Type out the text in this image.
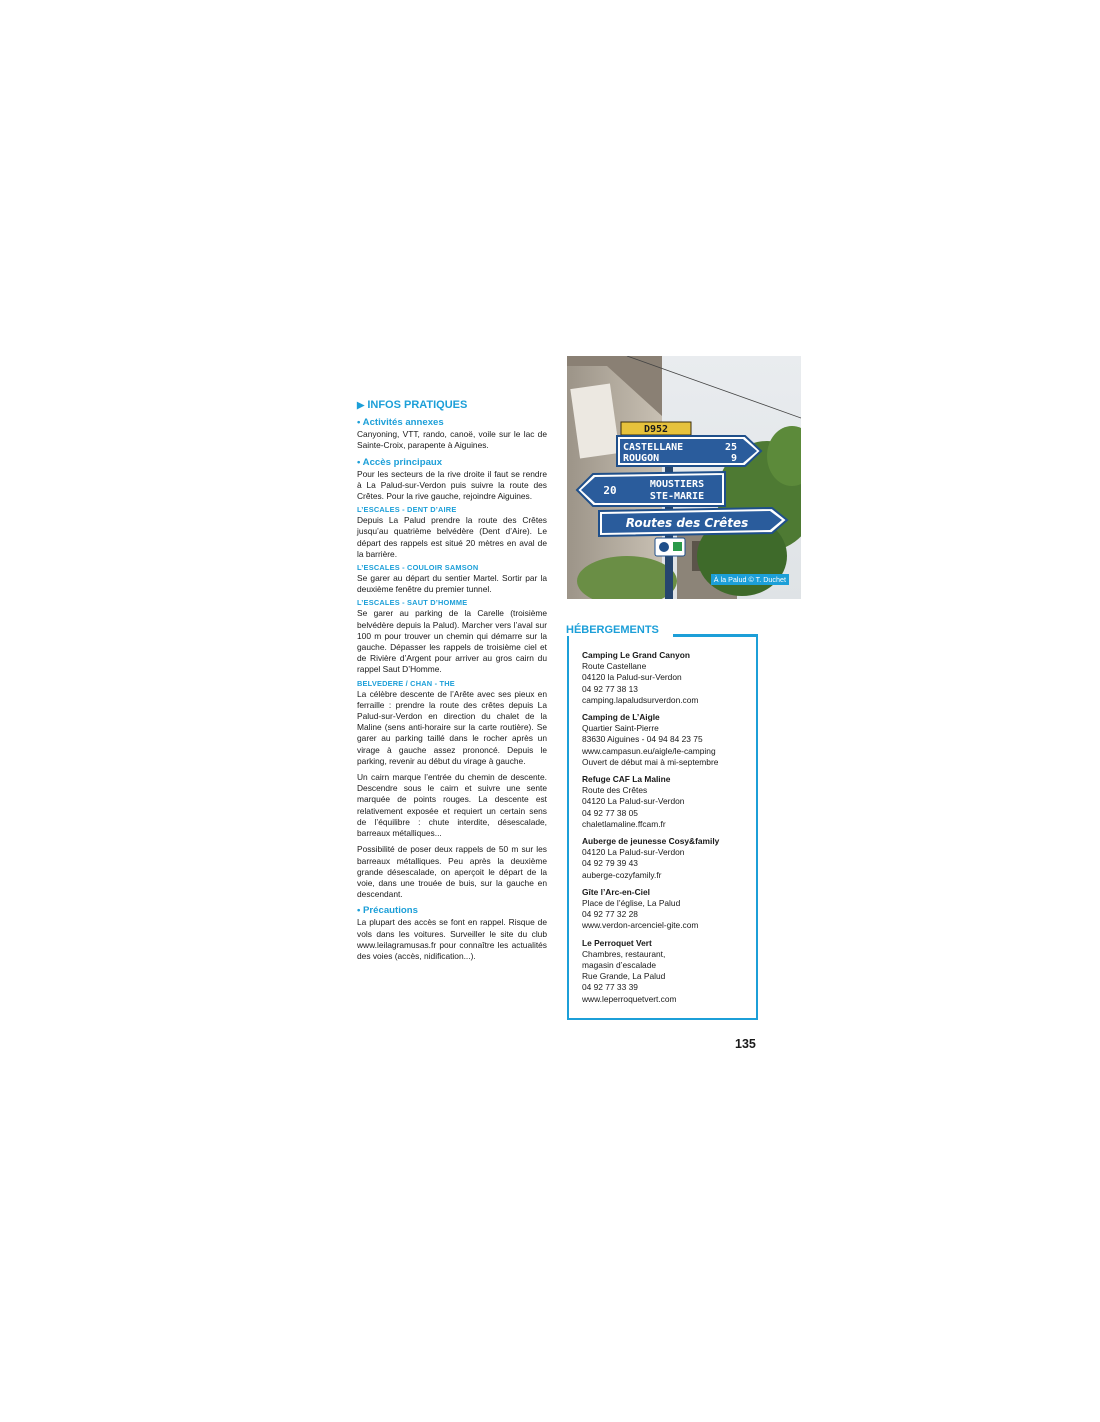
▶ INFOS PRATIQUES
• Activités annexes

Canyoning, VTT, rando, canoë, voile sur le lac de Sainte-Croix, parapente à Aiguines.

• Accès principaux

Pour les secteurs de la rive droite il faut se rendre à La Palud-sur-Verdon puis suivre la route des Crêtes. Pour la rive gauche, rejoindre Aiguines.

L’ESCALES - DENT D’AIRE

Depuis La Palud prendre la route des Crêtes jusqu’au quatrième belvédère (Dent d’Aire). Le départ des rappels est situé 20 mètres en aval de la barrière.

L’ESCALES - COULOIR SAMSON

Se garer au départ du sentier Martel. Sortir par la deuxième fenêtre du premier tunnel.

L’ESCALES - SAUT D’HOMME

Se garer au parking de la Carelle (troisième belvédère depuis la Palud). Marcher vers l’aval sur 100 m pour trouver un chemin qui démarre sur la gauche. Dépasser les rappels de troisième ciel et de Rivière d’Argent pour arriver au gros cairn du rappel Saut D’Homme.

BELVEDERE / CHAN - THE

La célèbre descente de l’Arête avec ses pieux en ferraille : prendre la route des crêtes depuis La Palud-sur-Verdon en direction du chalet de la Maline (sens anti-horaire sur la carte routière). Se garer au parking taillé dans le rocher après un virage à gauche assez prononcé. Depuis le parking, revenir au début du virage à gauche.

Un cairn marque l’entrée du chemin de descente. Descendre sous le cairn et suivre une sente marquée de points rouges. La descente est relativement exposée et requiert un certain sens de l’équilibre : chute interdite, désescalade, barreaux métalliques...

Possibilité de poser deux rappels de 50 m sur les barreaux métalliques. Peu après la deuxième grande désescalade, on aperçoit le départ de la voie, dans une trouée de buis, sur la gauche en descendant.

• Précautions

La plupart des accès se font en rappel. Risque de vols dans les voitures. Surveiller le site du club www.leilagramusas.fr pour connaître les actualités des voies (accès, nidification...).

D952
CASTELLANE	25
ROUGON	9
20	MOUSTIERS
STE-MARIE
Routes des Crêtes
À la Palud © T. Duchet
HÉBERGEMENTS
Camping Le Grand Canyon
Route Castellane
04120 la Palud-sur-Verdon
04 92 77 38 13
camping.lapaludsurverdon.com
Camping de L’Aigle
Quartier Saint-Pierre
83630 Aiguines - 04 94 84 23 75
www.campasun.eu/aigle/le-camping
Ouvert de début mai à mi-septembre
Refuge CAF La Maline
Route des Crêtes
04120 La Palud-sur-Verdon
04 92 77 38 05
chaletlamaline.ffcam.fr
Auberge de jeunesse Cosy&family
04120 La Palud-sur-Verdon
04 92 79 39 43
auberge-cozyfamily.fr
Gîte l’Arc-en-Ciel
Place de l’église, La Palud
04 92 77 32 28
www.verdon-arcenciel-gite.com
Le Perroquet Vert
Chambres, restaurant,
magasin d’escalade
Rue Grande, La Palud
04 92 77 33 39
www.leperroquetvert.com
135
